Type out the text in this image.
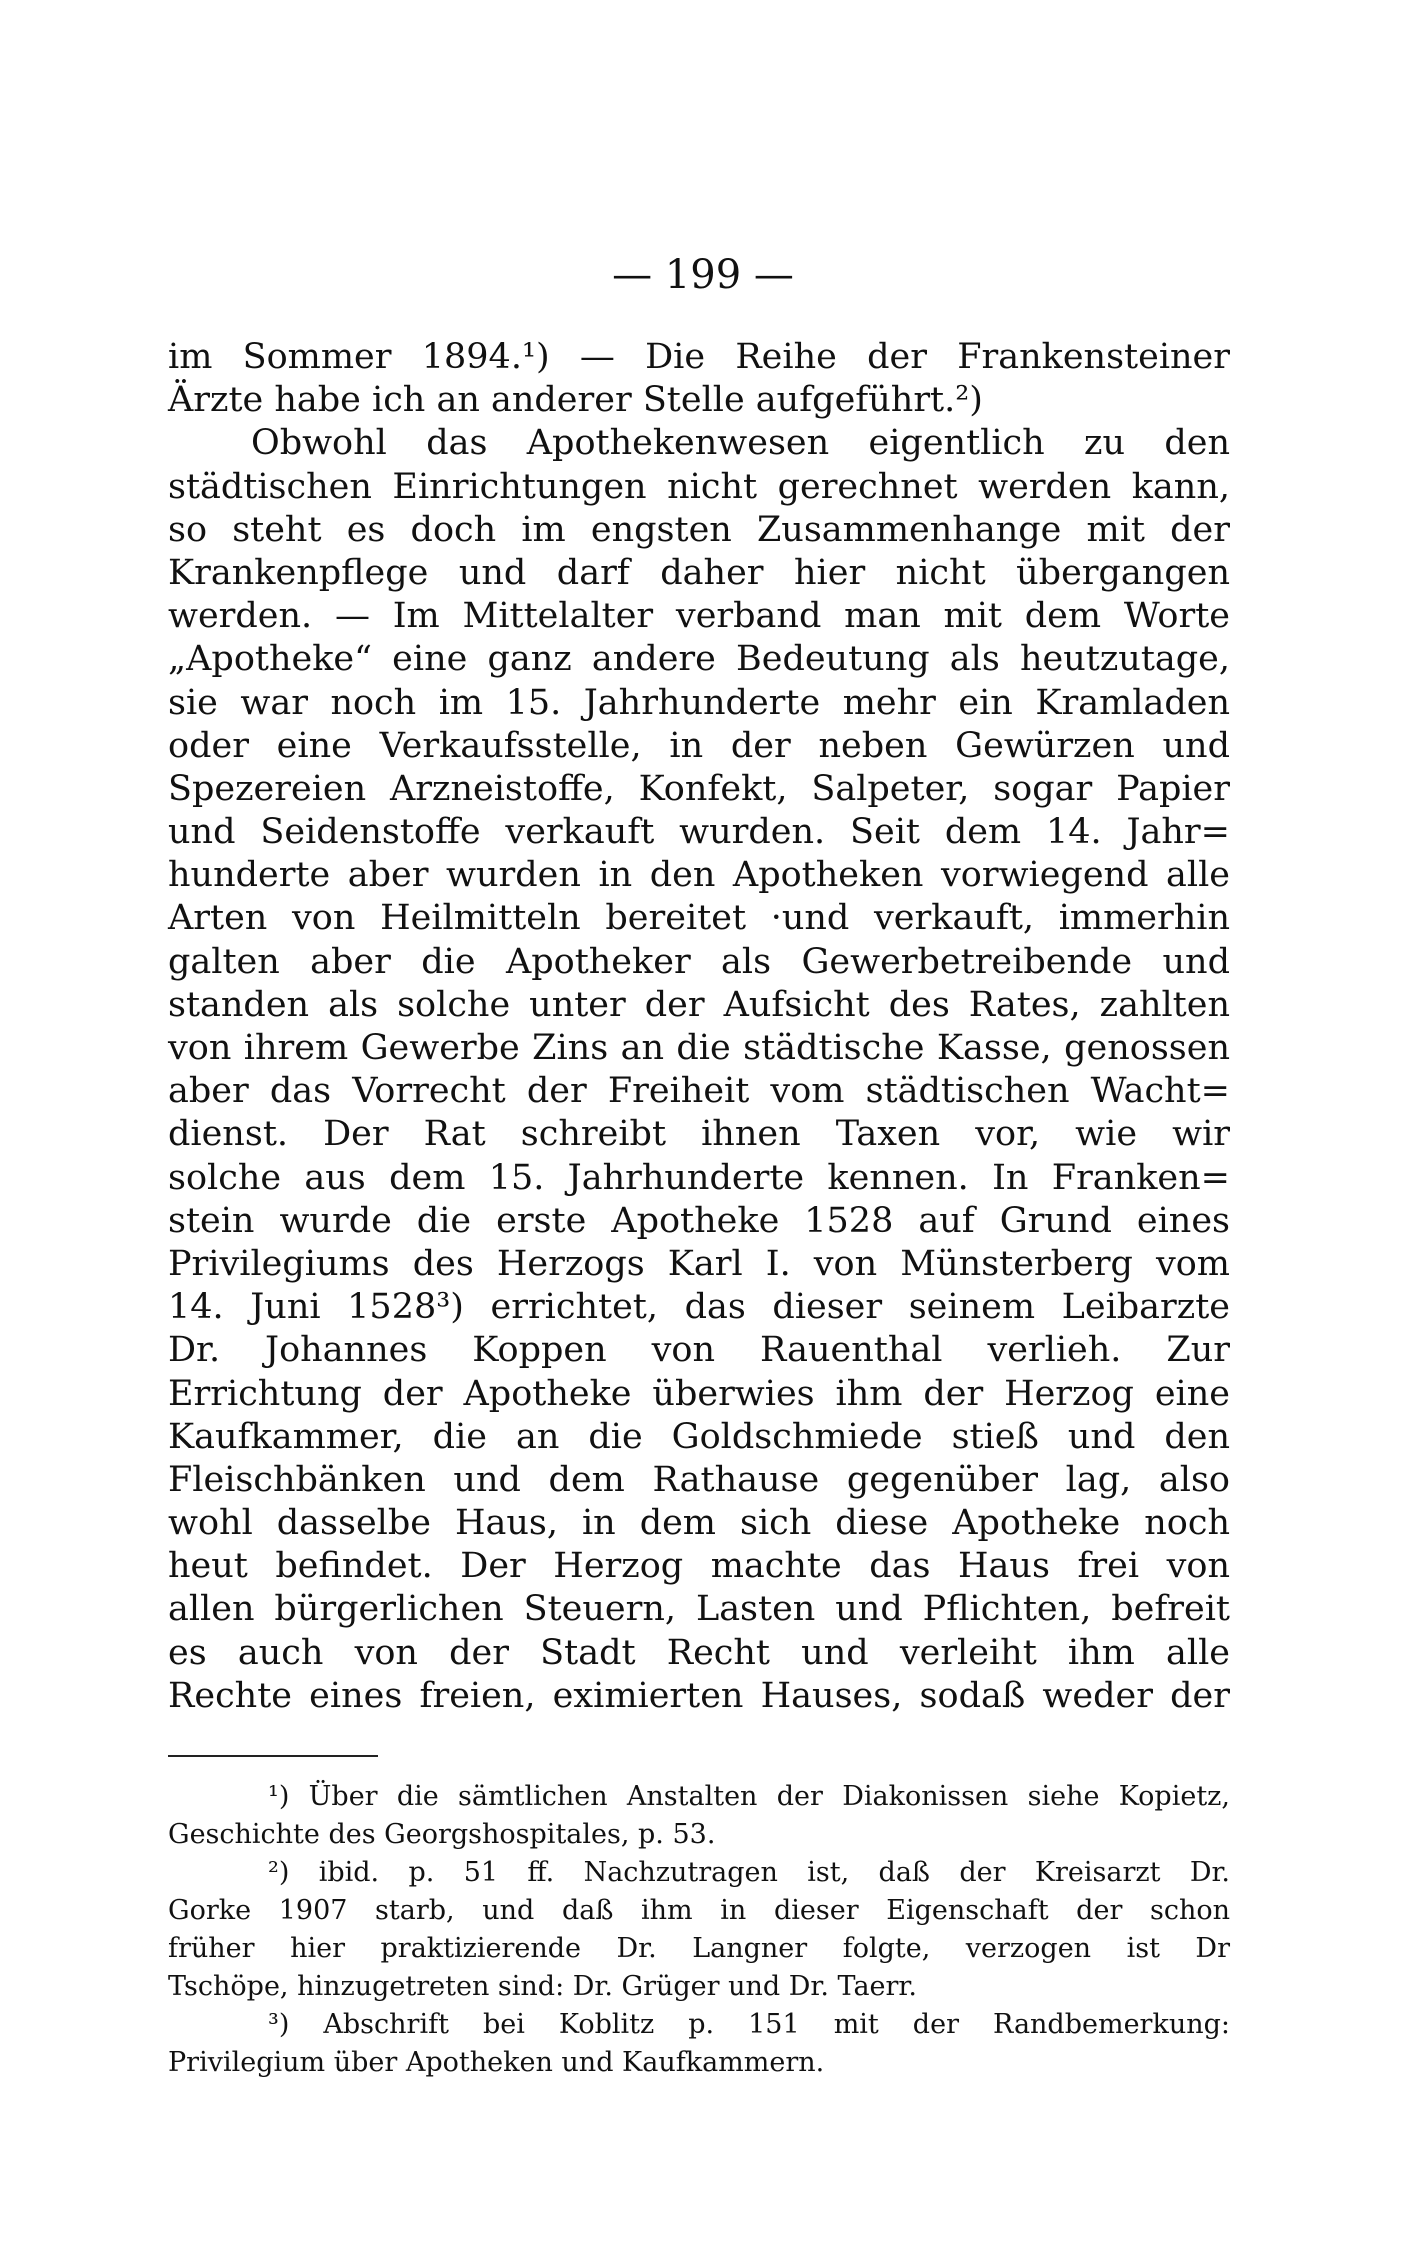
— 199 —
im Sommer 1894.¹) — Die Reihe der Frankensteiner
Ärzte habe ich an anderer Stelle aufgeführt.²)
Obwohl das Apothekenwesen eigentlich zu den
städtischen Einrichtungen nicht gerechnet werden kann,
so steht es doch im engsten Zusammenhange mit der
Krankenpflege und darf daher hier nicht übergangen
werden. — Im Mittelalter verband man mit dem Worte
„Apotheke“ eine ganz andere Bedeutung als heutzutage,
sie war noch im 15. Jahrhunderte mehr ein Kramladen
oder eine Verkaufsstelle, in der neben Gewürzen und
Spezereien Arzneistoffe, Konfekt, Salpeter, sogar Papier
und Seidenstoffe verkauft wurden. Seit dem 14. Jahr=
hunderte aber wurden in den Apotheken vorwiegend alle
Arten von Heilmitteln bereitet ·und verkauft, immerhin
galten aber die Apotheker als Gewerbetreibende und
standen als solche unter der Aufsicht des Rates, zahlten
von ihrem Gewerbe Zins an die städtische Kasse, genossen
aber das Vorrecht der Freiheit vom städtischen Wacht=
dienst. Der Rat schreibt ihnen Taxen vor, wie wir
solche aus dem 15. Jahrhunderte kennen. In Franken=
stein wurde die erste Apotheke 1528 auf Grund eines
Privilegiums des Herzogs Karl I. von Münsterberg vom
14. Juni 1528³) errichtet, das dieser seinem Leibarzte
Dr. Johannes Koppen von Rauenthal verlieh. Zur
Errichtung der Apotheke überwies ihm der Herzog eine
Kaufkammer, die an die Goldschmiede stieß und den
Fleischbänken und dem Rathause gegenüber lag, also
wohl dasselbe Haus, in dem sich diese Apotheke noch
heut befindet. Der Herzog machte das Haus frei von
allen bürgerlichen Steuern, Lasten und Pflichten, befreit
es auch von der Stadt Recht und verleiht ihm alle
Rechte eines freien, eximierten Hauses, sodaß weder der
¹) Über die sämtlichen Anstalten der Diakonissen siehe Kopietz,
Geschichte des Georgshospitales, p. 53.
²) ibid. p. 51 ff. Nachzutragen ist, daß der Kreisarzt Dr.
Gorke 1907 starb, und daß ihm in dieser Eigenschaft der schon
früher hier praktizierende Dr. Langner folgte, verzogen ist Dr
Tschöpe, hinzugetreten sind: Dr. Grüger und Dr. Taerr.
³) Abschrift bei Koblitz p. 151 mit der Randbemerkung:
Privilegium über Apotheken und Kaufkammern.
